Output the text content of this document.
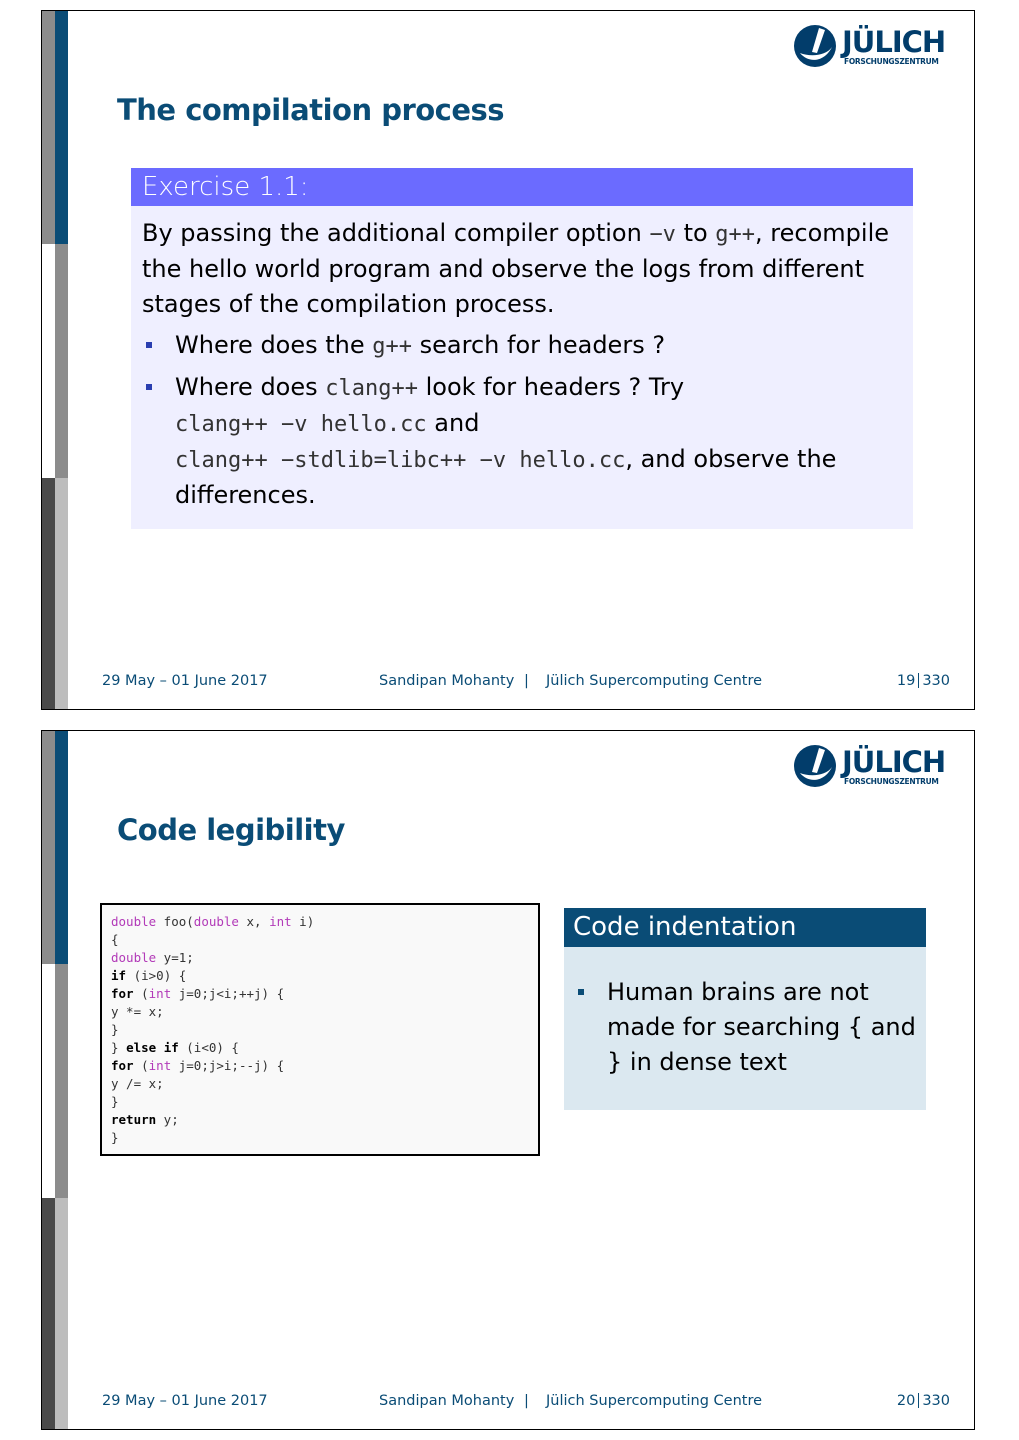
JÜLICH
FORSCHUNGSZENTRUM
The compilation process
Exercise 1.1:
By passing the additional compiler option −v to g++, recompile the hello world program and observe the logs from different stages of the compilation process.
Where does the g++ search for headers ?
Where does clang++ look for headers ? Try
clang++ −v hello.cc and
clang++ −stdlib=libc++ −v hello.cc, and observe the differences.
29 May – 01 June 2017	Sandipan Mohanty | Jülich Supercomputing Centre	19 330
JÜLICH
FORSCHUNGSZENTRUM
Code legibility
double foo(double x, int i)
{
double y=1;
if (i>0) {
for (int j=0;j<i;++j) {
y *= x;
}
} else if (i<0) {
for (int j=0;j>i;--j) {
y /= x;
}
return y;
}
Code indentation
Human brains are not made for searching { and } in dense text
29 May – 01 June 2017	Sandipan Mohanty | Jülich Supercomputing Centre	20 330
